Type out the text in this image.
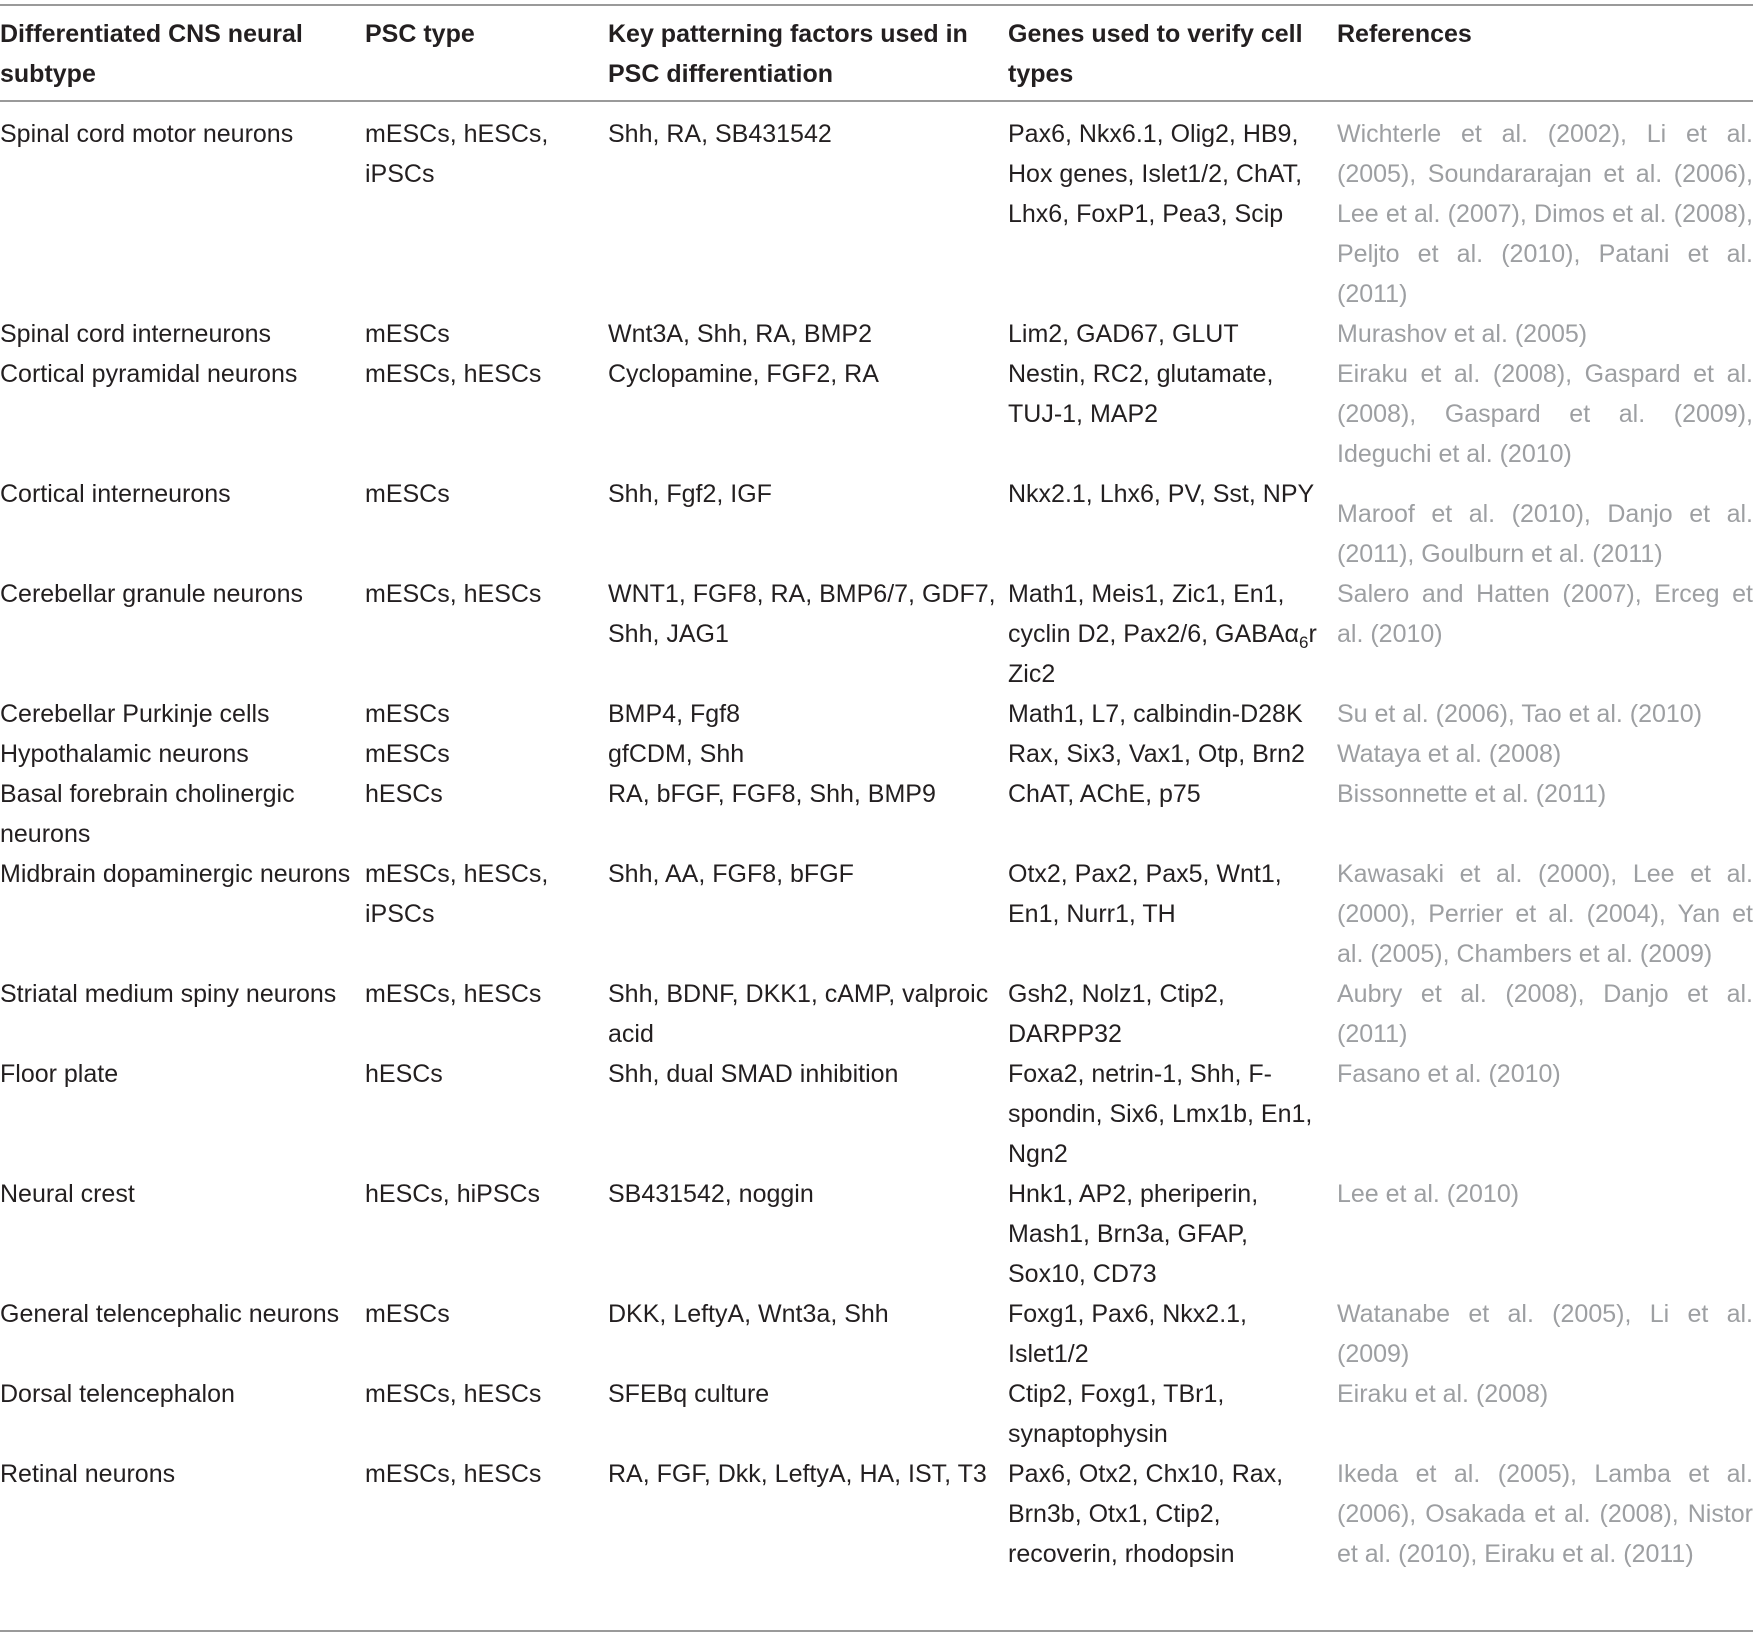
Differentiated CNS neural subtype	PSC type	Key patterning factors used in PSC differentiation	Genes used to verify cell types	References
Spinal cord motor neurons	mESCs, hESCs, iPSCs	Shh, RA, SB431542	Pax6, Nkx6.1, Olig2, HB9, Hox genes, Islet1/2, ChAT, Lhx6, FoxP1, Pea3, Scip	Wichterle et al. (2002), Li et al. (2005), Soundararajan et al. (2006), Lee et al. (2007), Dimos et al. (2008), Peljto et al. (2010), Patani et al. (2011)
Spinal cord interneurons	mESCs	Wnt3A, Shh, RA, BMP2	Lim2, GAD67, GLUT	Murashov et al. (2005)
Cortical pyramidal neurons	mESCs, hESCs	Cyclopamine, FGF2, RA	Nestin, RC2, glutamate, TUJ-1, MAP2	Eiraku et al. (2008), Gaspard et al. (2008), Gaspard et al. (2009), Ideguchi et al. (2010)
Cortical interneurons	mESCs	Shh, Fgf2, IGF	Nkx2.1, Lhx6, PV, Sst, NPY	Maroof et al. (2010), Danjo et al. (2011), Goulburn et al. (2011)
Cerebellar granule neurons	mESCs, hESCs	WNT1, FGF8, RA, BMP6/7, GDF7, Shh, JAG1	Math1, Meis1, Zic1, En1, cyclin D2, Pax2/6, GABAα$_6$r Zic2	Salero and Hatten (2007), Erceg et al. (2010)
Cerebellar Purkinje cells	mESCs	BMP4, Fgf8	Math1, L7, calbindin-D28K	Su et al. (2006), Tao et al. (2010)
Hypothalamic neurons	mESCs	gfCDM, Shh	Rax, Six3, Vax1, Otp, Brn2	Wataya et al. (2008)
Basal forebrain cholinergic neurons	hESCs	RA, bFGF, FGF8, Shh, BMP9	ChAT, AChE, p75	Bissonnette et al. (2011)
Midbrain dopaminergic neurons	mESCs, hESCs, iPSCs	Shh, AA, FGF8, bFGF	Otx2, Pax2, Pax5, Wnt1, En1, Nurr1, TH	Kawasaki et al. (2000), Lee et al. (2000), Perrier et al. (2004), Yan et al. (2005), Chambers et al. (2009)
Striatal medium spiny neurons	mESCs, hESCs	Shh, BDNF, DKK1, cAMP, valproic acid	Gsh2, Nolz1, Ctip2, DARPP32	Aubry et al. (2008), Danjo et al. (2011)
Floor plate	hESCs	Shh, dual SMAD inhibition	Foxa2, netrin-1, Shh, F-spondin, Six6, Lmx1b, En1, Ngn2	Fasano et al. (2010)
Neural crest	hESCs, hiPSCs	SB431542, noggin	Hnk1, AP2, pheriperin, Mash1, Brn3a, GFAP, Sox10, CD73	Lee et al. (2010)
General telencephalic neurons	mESCs	DKK, LeftyA, Wnt3a, Shh	Foxg1, Pax6, Nkx2.1, Islet1/2	Watanabe et al. (2005), Li et al. (2009)
Dorsal telencephalon	mESCs, hESCs	SFEBq culture	Ctip2, Foxg1, TBr1, synaptophysin	Eiraku et al. (2008)
Retinal neurons	mESCs, hESCs	RA, FGF, Dkk, LeftyA, HA, IST, T3	Pax6, Otx2, Chx10, Rax, Brn3b, Otx1, Ctip2, recoverin, rhodopsin	Ikeda et al. (2005), Lamba et al. (2006), Osakada et al. (2008), Nistor et al. (2010), Eiraku et al. (2011)
